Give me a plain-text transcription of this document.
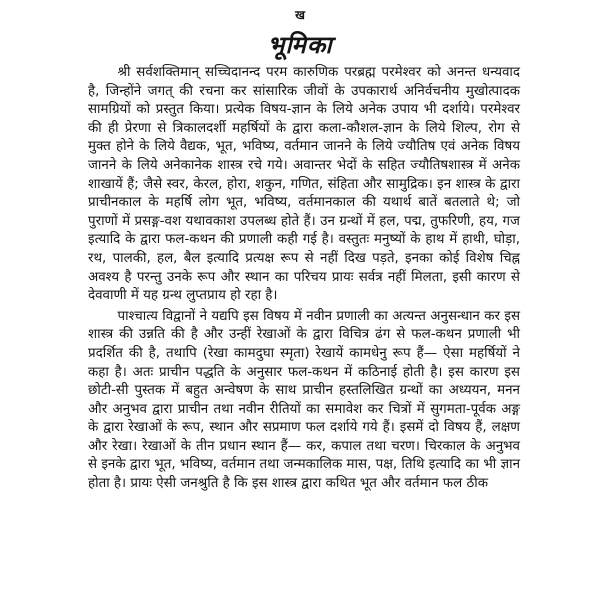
ख
भूमिका

श्री सर्वशक्तिमान् सच्चिदानन्द परम कारुणिक परब्रह्म परमेश्वर को अनन्त धन्यवाद है, जिन्होंने जगत् की रचना कर सांसारिक जीवों के उपकारार्थ अनिर्वचनीय मुखोत्पादक सामग्रियों को प्रस्तुत किया। प्रत्येक विषय-ज्ञान के लिये अनेक उपाय भी दर्शाये। परमेश्वर की ही प्रेरणा से त्रिकालदर्शी महर्षियों के द्वारा कला-कौशल-ज्ञान के लिये शिल्प, रोग से मुक्त होने के लिये वैद्यक, भूत, भविष्य, वर्तमान जानने के लिये ज्यौतिष एवं अनेक विषय जानने के लिये अनेकानेक शास्त्र रचे गये। अवान्तर भेदों के सहित ज्यौतिषशास्त्र में अनेक शाखायें हैं; जैसे स्वर, केरल, होरा, शकुन, गणित, संहिता और सामुद्रिक। इन शास्त्र के द्वारा प्राचीनकाल के महर्षि लोग भूत, भविष्य, वर्तमानकाल की यथार्थ बातें बतलाते थे; जो पुराणों में प्रसङ्ग-वश यथावकाश उपलब्ध होते हैं। उन ग्रन्थों में हल, पद्म, तुफरिणी, हय, गज इत्यादि के द्वारा फल-कथन की प्रणाली कही गई है। वस्तुतः मनुष्यों के हाथ में हाथी, घोड़ा, रथ, पालकी, हल, बैल इत्यादि प्रत्यक्ष रूप से नहीं दिख पड़ते, इनका कोई विशेष चिह्न अवश्य है परन्तु उनके रूप और स्थान का परिचय प्रायः सर्वत्र नहीं मिलता, इसी कारण से देववाणी में यह ग्रन्थ लुप्तप्राय हो रहा है।

पाश्चात्य विद्वानों ने यद्यपि इस विषय में नवीन प्रणाली का अत्यन्त अनुसन्धान कर इस शास्त्र की उन्नति की है और उन्हीं रेखाओं के द्वारा विचित्र ढंग से फल-कथन प्रणाली भी प्रदर्शित की है, तथापि (रेखा कामदुघा स्मृता) रेखायें कामधेनु रूप हैं— ऐसा महर्षियों ने कहा है। अतः प्राचीन पद्धति के अनुसार फल-कथन में कठिनाई होती है। इस कारण इस छोटी-सी पुस्तक में बहुत अन्वेषण के साथ प्राचीन हस्तलिखित ग्रन्थों का अध्ययन, मनन और अनुभव द्वारा प्राचीन तथा नवीन रीतियों का समावेश कर चित्रों में सुगमता-पूर्वक अङ्ग के द्वारा रेखाओं के रूप, स्थान और सप्रमाण फल दर्शाये गये हैं। इसमें दो विषय हैं, लक्षण और रेखा। रेखाओं के तीन प्रधान स्थान हैं— कर, कपाल तथा चरण। चिरकाल के अनुभव से इनके द्वारा भूत, भविष्य, वर्तमान तथा जन्मकालिक मास, पक्ष, तिथि इत्यादि का भी ज्ञान होता है। प्रायः ऐसी जनश्रुति है कि इस शास्त्र द्वारा कथित भूत और वर्तमान फल ठीक
